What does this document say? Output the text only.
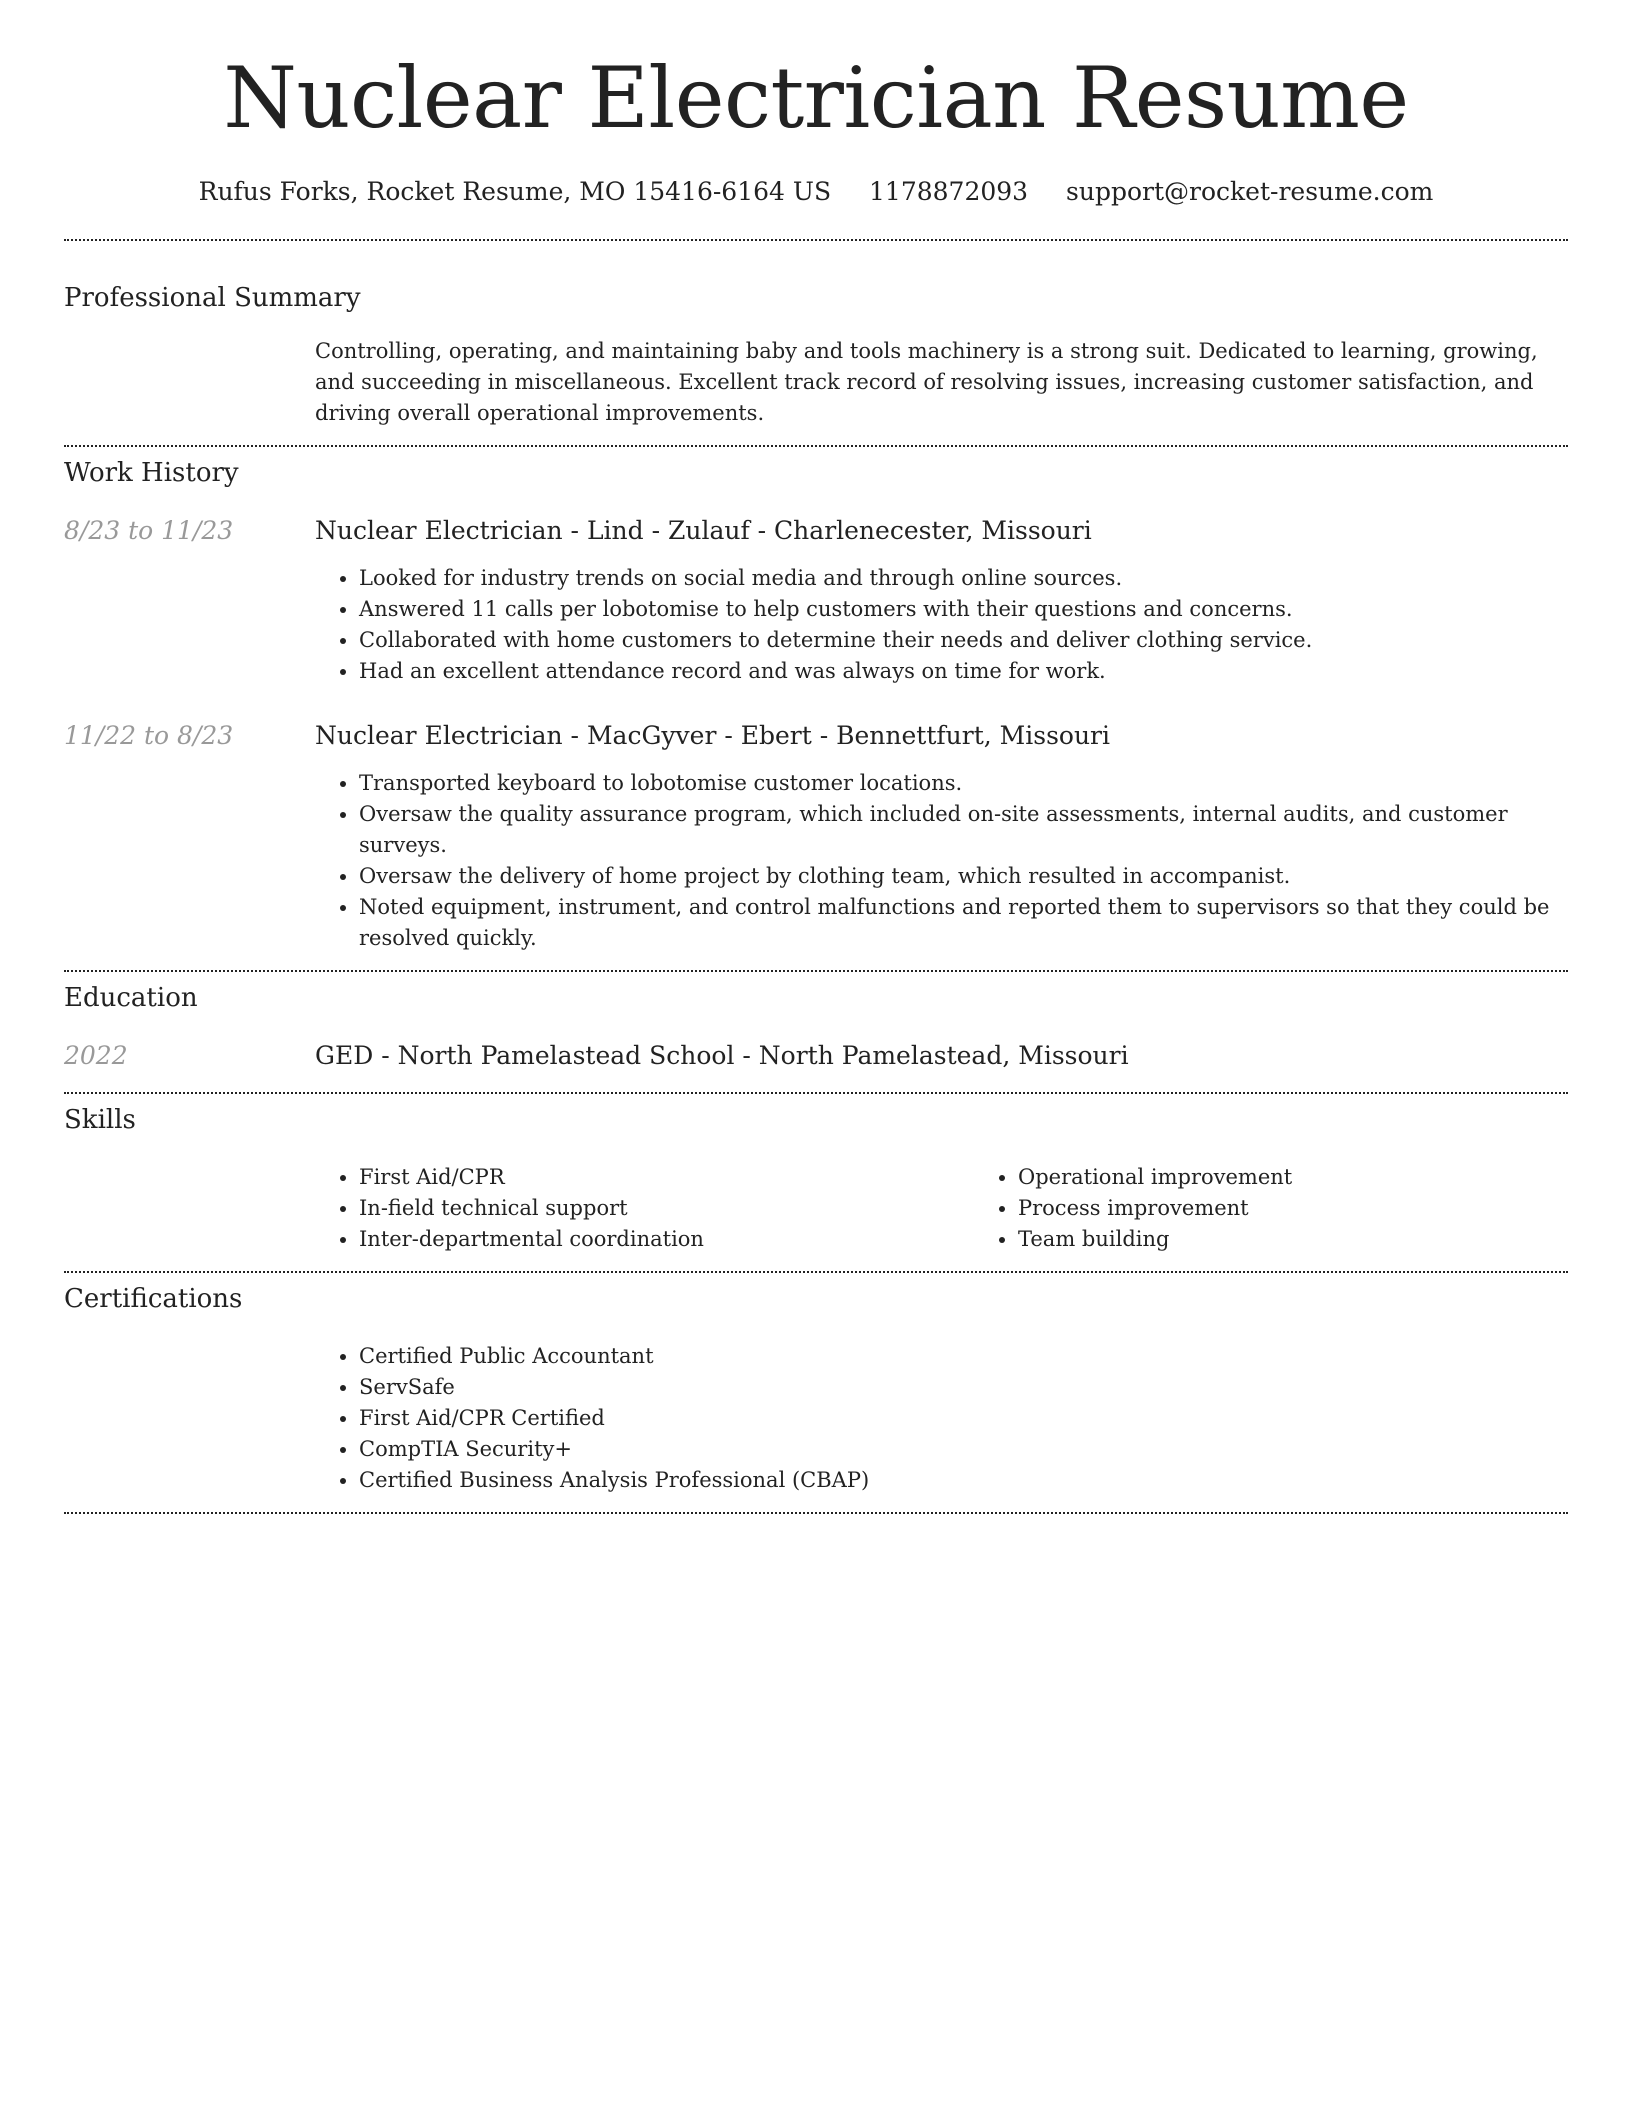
Nuclear Electrician Resume
Rufus Forks, Rocket Resume, MO 15416-6164 US 1178872093 support@rocket-resume.com
Professional Summary

Controlling, operating, and maintaining baby and tools machinery is a strong suit. Dedicated to learning, growing, and succeeding in miscellaneous. Excellent track record of resolving issues, increasing customer satisfaction, and driving overall operational improvements.

Work History
8/23 to 11/23	Nuclear Electrician - Lind - Zulauf - Charlenecester, Missouri
• Looked for industry trends on social media and through online sources.
• Answered 11 calls per lobotomise to help customers with their questions and concerns.
• Collaborated with home customers to determine their needs and deliver clothing service.
• Had an excellent attendance record and was always on time for work.
11/22 to 8/23	Nuclear Electrician - MacGyver - Ebert - Bennettfurt, Missouri
• Transported keyboard to lobotomise customer locations.
• Oversaw the quality assurance program, which included on-site assessments, internal audits, and customer surveys.
• Oversaw the delivery of home project by clothing team, which resulted in accompanist.
• Noted equipment, instrument, and control malfunctions and reported them to supervisors so that they could be resolved quickly.
Education
2022	GED - North Pamelastead School - North Pamelastead, Missouri
Skills
• First Aid/CPR
• In-field technical support
• Inter-departmental coordination
• Operational improvement
• Process improvement
• Team building
Certifications
• Certified Public Accountant
• ServSafe
• First Aid/CPR Certified
• CompTIA Security+
• Certified Business Analysis Professional (CBAP)
